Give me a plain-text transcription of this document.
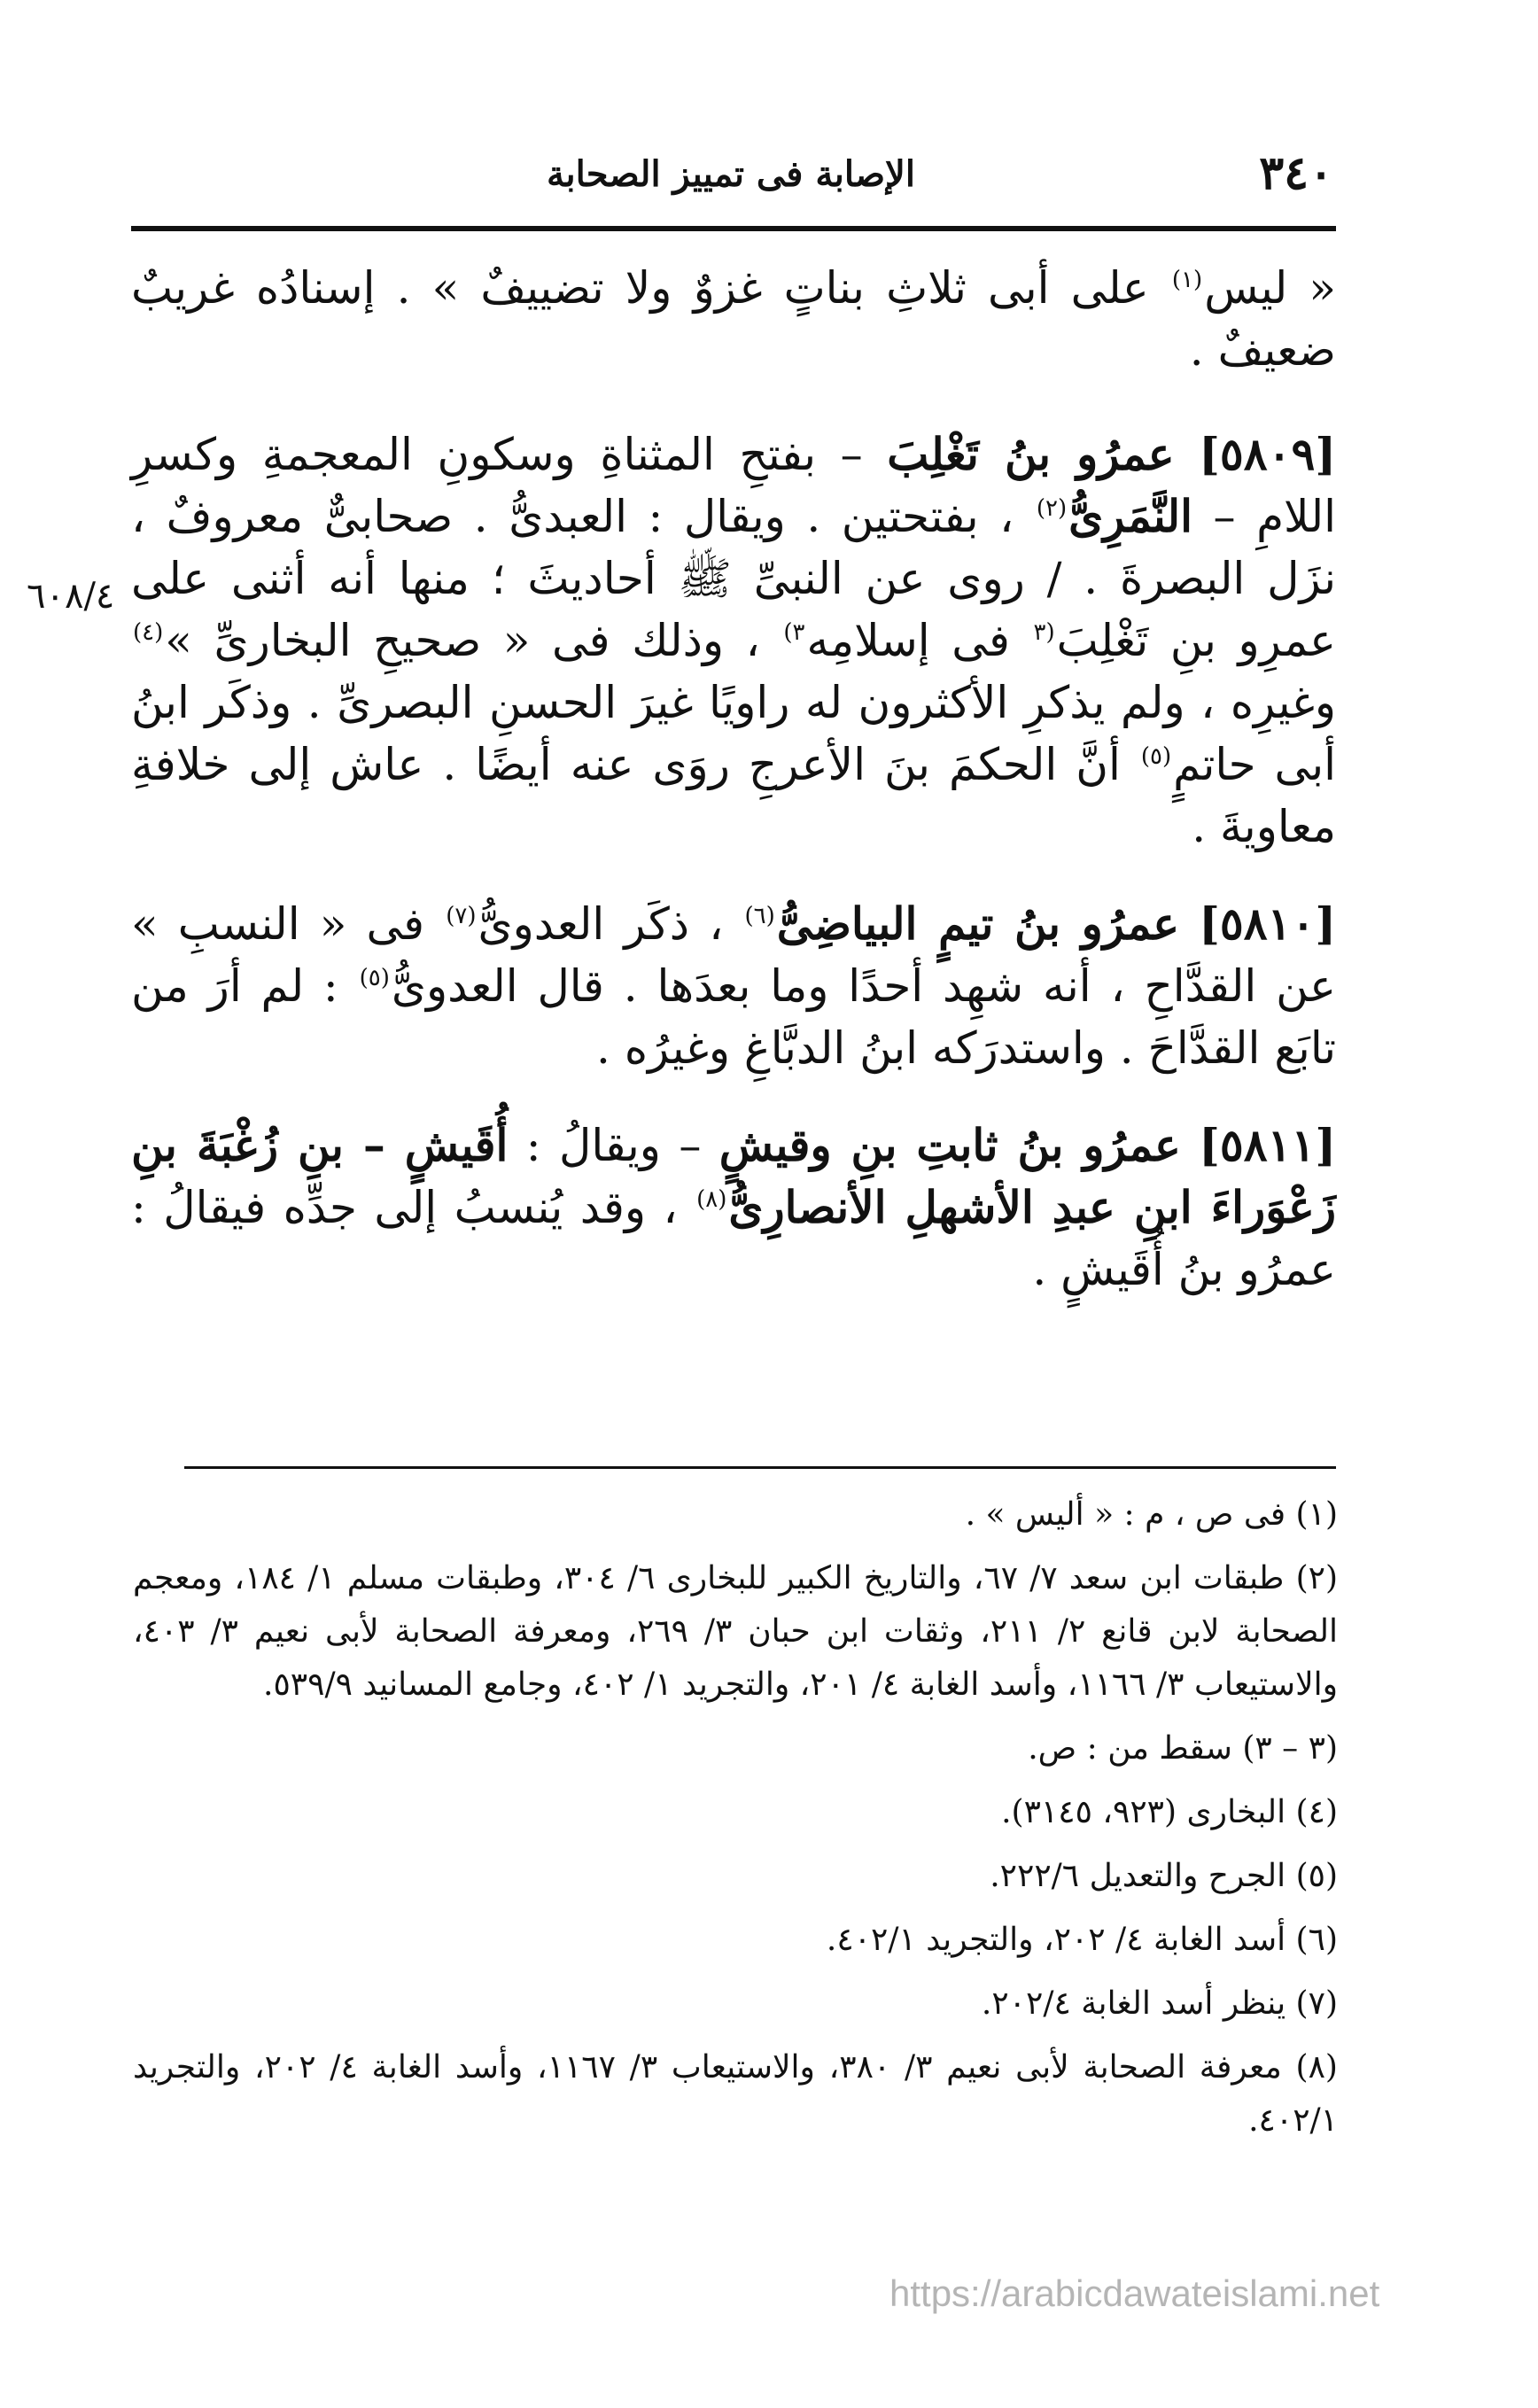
٣٤٠
الإصابة فى تمييز الصحابة
٦٠٨/٤

« ليس$^{(١)}$ على أبى ثلاثِ بناتٍ غزوٌ ولا تضييفٌ » . إسنادُه غريبٌ ضعيفٌ .

[٥٨٠٩] عمرُو بنُ تَغْلِبَ – بفتحِ المثناةِ وسكونِ المعجمةِ وكسرِ اللامِ – النَّمَرِىُّ$^{(٢)}$ ، بفتحتين . ويقال : العبدىُّ . صحابىٌّ معروفٌ ، نزَل البصرةَ . / روى عن النبىِّ ﷺ أحاديثَ ؛ منها أنه أثنى على عمرِو بنِ تَغْلِبَ$^{(٣}$ فى إسلامِه$^{٣)}$ ، وذلك فى « صحيحِ البخارىِّ »$^{(٤)}$ وغيرِه ، ولم يذكرِ الأكثرون له راويًا غيرَ الحسنِ البصرىِّ . وذكَر ابنُ أبى حاتمٍ$^{(٥)}$ أنَّ الحكمَ بنَ الأعرجِ روَى عنه أيضًا . عاش إلى خلافةِ معاويةَ .

[٥٨١٠] عمرُو بنُ تيمٍ البياضِىُّ$^{(٦)}$ ، ذكَر العدوىُّ$^{(٧)}$ فى « النسبِ » عن القدَّاحِ ، أنه شهِد أحدًا وما بعدَها . قال العدوىُّ$^{(٥)}$ : لم أرَ من تابَع القدَّاحَ . واستدرَكه ابنُ الدبَّاغِ وغيرُه .

[٥٨١١] عمرُو بنُ ثابتِ بنِ وقيشٍ – ويقالُ : أُقَيشٍ – بنِ زُغْبَةَ بنِ زَعْوَراءَ ابنِ عبدِ الأشهلِ الأنصارِىُّ$^{(٨)}$ ، وقد يُنسبُ إلى جدِّه فيقالُ : عمرُو بنُ أُقَيشٍ .

(١) فى ص ، م : « أليس » .

(٢) طبقات ابن سعد ٧/ ٦٧، والتاريخ الكبير للبخارى ٦/ ٣٠٤، وطبقات مسلم ١/ ١٨٤، ومعجم الصحابة لابن قانع ٢/ ٢١١، وثقات ابن حبان ٣/ ٢٦٩، ومعرفة الصحابة لأبى نعيم ٣/ ٤٠٣، والاستيعاب ٣/ ١١٦٦، وأسد الغابة ٤/ ٢٠١، والتجريد ١/ ٤٠٢، وجامع المسانيد ٥٣٩/٩.

(٣ – ٣) سقط من : ص.

(٤) البخارى (٩٢٣، ٣١٤٥).

(٥) الجرح والتعديل ٢٢٢/٦.

(٦) أسد الغابة ٤/ ٢٠٢، والتجريد ٤٠٢/١.

(٧) ينظر أسد الغابة ٢٠٢/٤.

(٨) معرفة الصحابة لأبى نعيم ٣/ ٣٨٠، والاستيعاب ٣/ ١١٦٧، وأسد الغابة ٤/ ٢٠٢، والتجريد ٤٠٢/١.

https://arabicdawateislami.net
